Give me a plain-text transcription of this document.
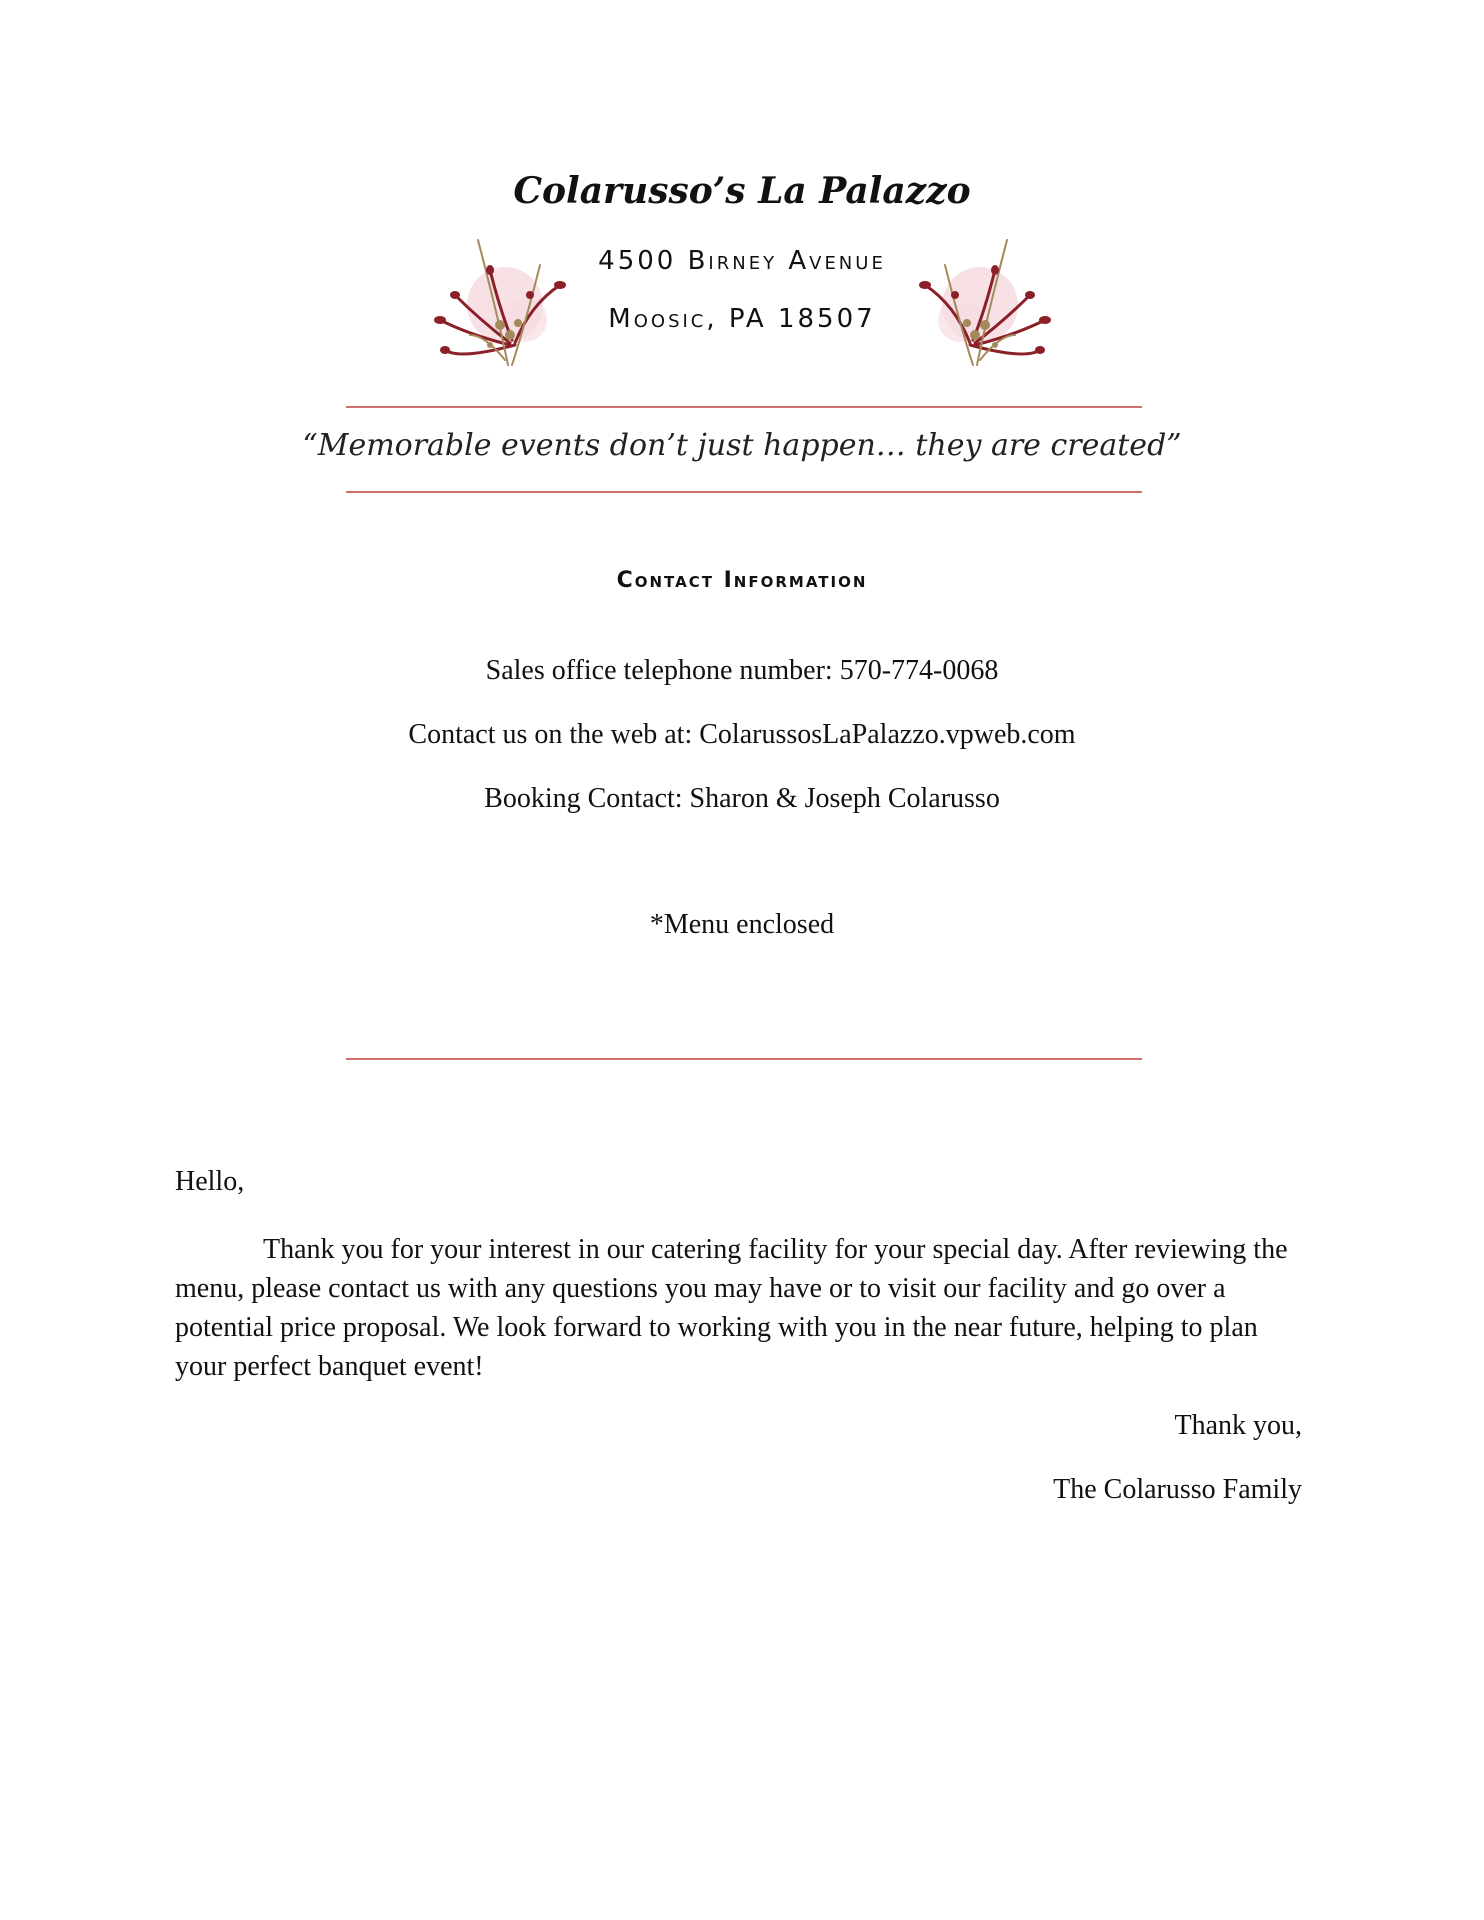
Colarusso’s La Palazzo
4500 Birney Avenue
Moosic, PA 18507
“Memorable events don’t just happen… they are created”
Contact Information
Sales office telephone number: 570-774-0068
Contact us on the web at: ColarussosLaPalazzo.vpweb.com
Booking Contact: Sharon & Joseph Colarusso
*Menu enclosed
Hello,
Thank you for your interest in our catering facility for your special day. After reviewing the menu, please contact us with any questions you may have or to visit our facility and go over a potential price proposal. We look forward to working with you in the near future, helping to plan your perfect banquet event!
Thank you,
The Colarusso Family
